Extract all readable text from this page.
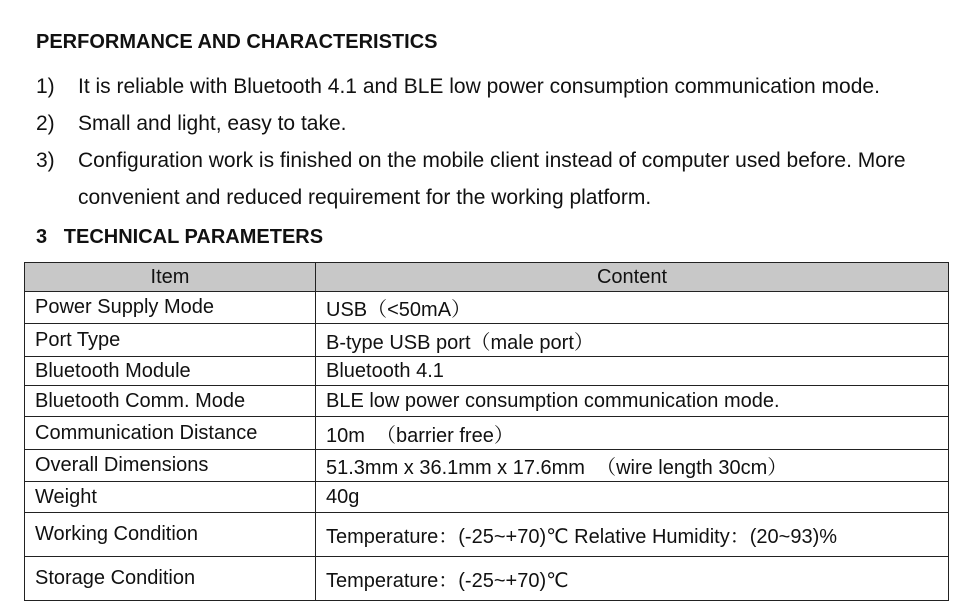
PERFORMANCE AND CHARACTERISTICS
1) It is reliable with Bluetooth 4.1 and BLE low power consumption communication mode.
2) Small and light, easy to take.
3) Configuration work is finished on the mobile client instead of computer used before. More
convenient and reduced requirement for the working platform.
3   TECHNICAL PARAMETERS
Item	Content
Power Supply Mode	USB（<50mA）
Port Type	B-type USB port（male port）
Bluetooth Module	Bluetooth 4.1
Bluetooth Comm. Mode	BLE low power consumption communication mode.
Communication Distance	10m  （barrier free）
Overall Dimensions	51.3mm x 36.1mm x 17.6mm  （wire length 30cm）
Weight	40g
Working Condition	Temperature：(-25~+70)℃ Relative Humidity：(20~93)%
Storage Condition	Temperature：(-25~+70)℃
